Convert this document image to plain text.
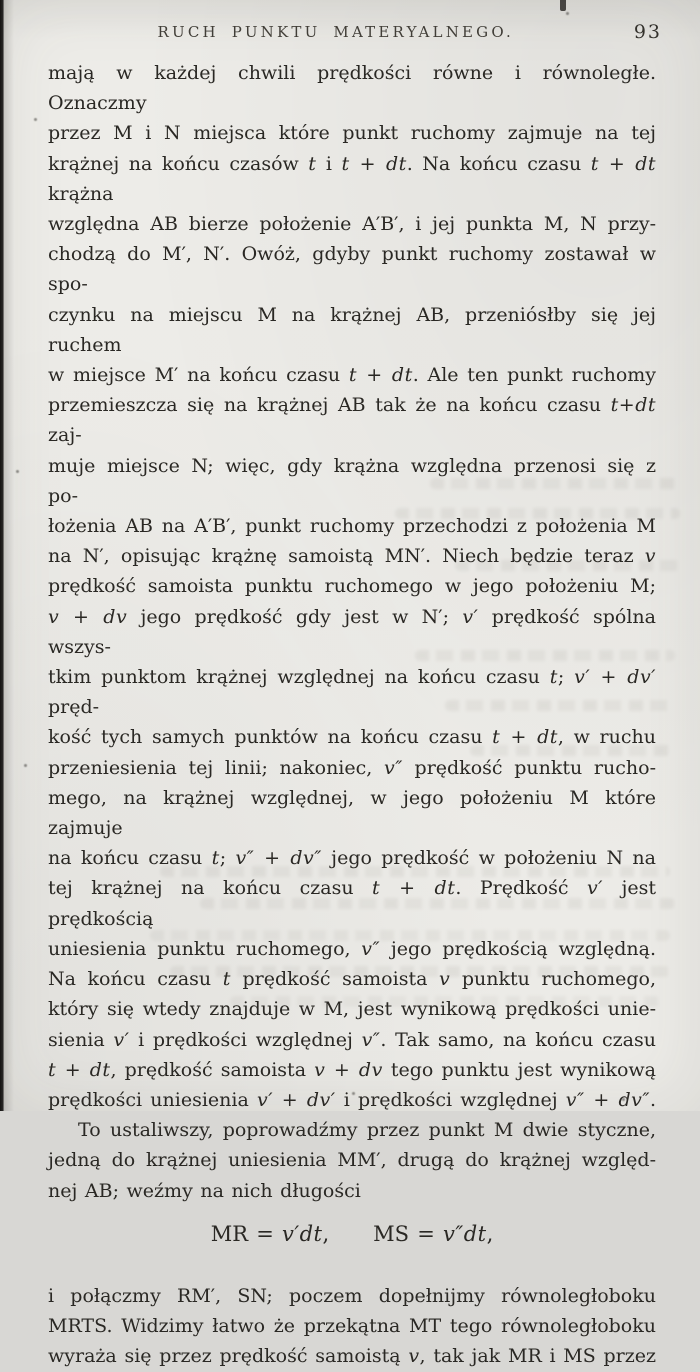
RUCH PUNKTU MATERYALNEGO.	93
mają w każdej chwili prędkości równe i równoległe. Oznaczmy
przez M i N miejsca które punkt ruchomy zajmuje na tej
krążnej na końcu czasów t i t + dt. Na końcu czasu t + dt krążna
względna AB bierze położenie A′B′, i jej punkta M, N przy-
chodzą do M′, N′. Owóż, gdyby punkt ruchomy zostawał w spo-
czynku na miejscu M na krążnej AB, przeniósłby się jej ruchem
w miejsce M′ na końcu czasu t + dt. Ale ten punkt ruchomy
przemieszcza się na krążnej AB tak że na końcu czasu t+dt zaj-
muje miejsce N; więc, gdy krążna względna przenosi się z po-
łożenia AB na A′B′, punkt ruchomy przechodzi z położenia M
na N′, opisując krążnę samoistą MN′. Niech będzie teraz v
prędkość samoista punktu ruchomego w jego położeniu M;
v + dv jego prędkość gdy jest w N′; v′ prędkość spólna wszys-
tkim punktom krążnej względnej na końcu czasu t; v′ + dv′ pręd-
kość tych samych punktów na końcu czasu t + dt, w ruchu
przeniesienia tej linii; nakoniec, v″ prędkość punktu rucho-
mego, na krążnej względnej, w jego położeniu M które zajmuje
na końcu czasu t; v″ + dv″ jego prędkość w położeniu N na
tej krążnej na końcu czasu t + dt. Prędkość v′ jest prędkością
uniesienia punktu ruchomego, v″ jego prędkością względną.
Na końcu czasu t prędkość samoista v punktu ruchomego,
który się wtedy znajduje w M, jest wynikową prędkości unie-
sienia v′ i prędkości względnej v″. Tak samo, na końcu czasu
t + dt, prędkość samoista v + dv tego punktu jest wynikową
prędkości uniesienia v′ + dv′ i prędkości względnej v″ + dv″.
To ustaliwszy, poprowadźmy przez punkt M dwie styczne,
jedną do krążnej uniesienia MM′, drugą do krążnej względ-
nej AB; weźmy na nich długości
MR = v′dt, MS = v″dt,
i połączmy RM′, SN; poczem dopełnijmy równoległoboku
MRTS. Widzimy łatwo że przekątna MT tego równoległoboku
wyraża się przez prędkość samoistą v, tak jak MR i MS przez
